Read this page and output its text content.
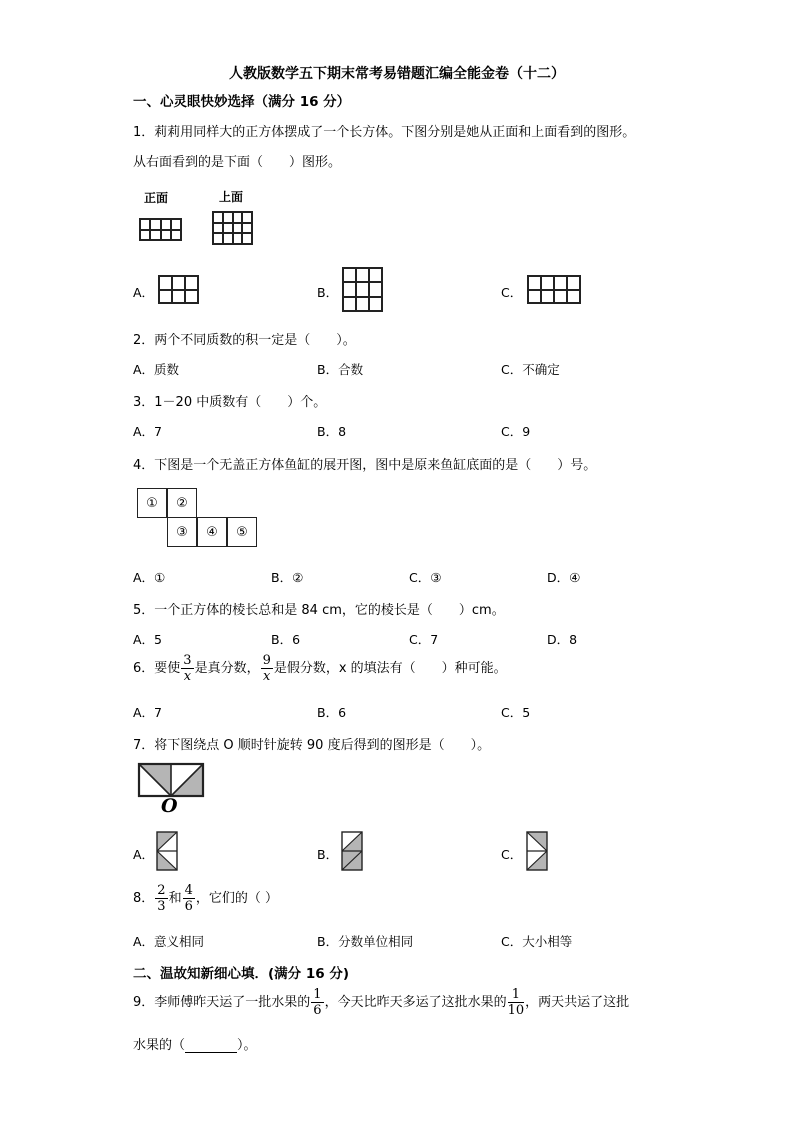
人教版数学五下期末常考易错题汇编全能金卷（十二）
一、心灵眼快妙选择（满分 16 分）
1．莉莉用同样大的正方体摆成了一个长方体。下图分别是她从正面和上面看到的图形。
从右面看到的是下面（　　）图形。
正面	上面
A．	B．	C．
2．两个不同质数的积一定是（　　）。
A．质数	B．合数	C．不确定
3．1－20 中质数有（　　）个。
A．7	B．8	C．9
4．下图是一个无盖正方体鱼缸的展开图，图中是原来鱼缸底面的是（　　）号。
①	②
③	④	⑤
A．①	B．②	C．③	D．④
5．一个正方体的棱长总和是 84 cm，它的棱长是（　　）cm。
A．5	B．6	C．7	D．8
6．要使 $\frac{3}{x}$ 是真分数， $\frac{9}{x}$ 是假分数，x 的填法有（　　）种可能。
A．7	B．6	C．5
7．将下图绕点 O 顺时针旋转 90 度后得到的图形是（　　）。
O
A．	B．	C．
8． $\frac{2}{3}$ 和 $\frac{4}{6}$ ，它们的（ ）
A．意义相同	B．分数单位相同	C．大小相等
二、温故知新细心填．(满分 16 分)
9．李师傅昨天运了一批水果的 $\frac{1}{6}$ ，今天比昨天多运了这批水果的 $\frac{1}{10}$ ，两天共运了这批
水果的（	）。
